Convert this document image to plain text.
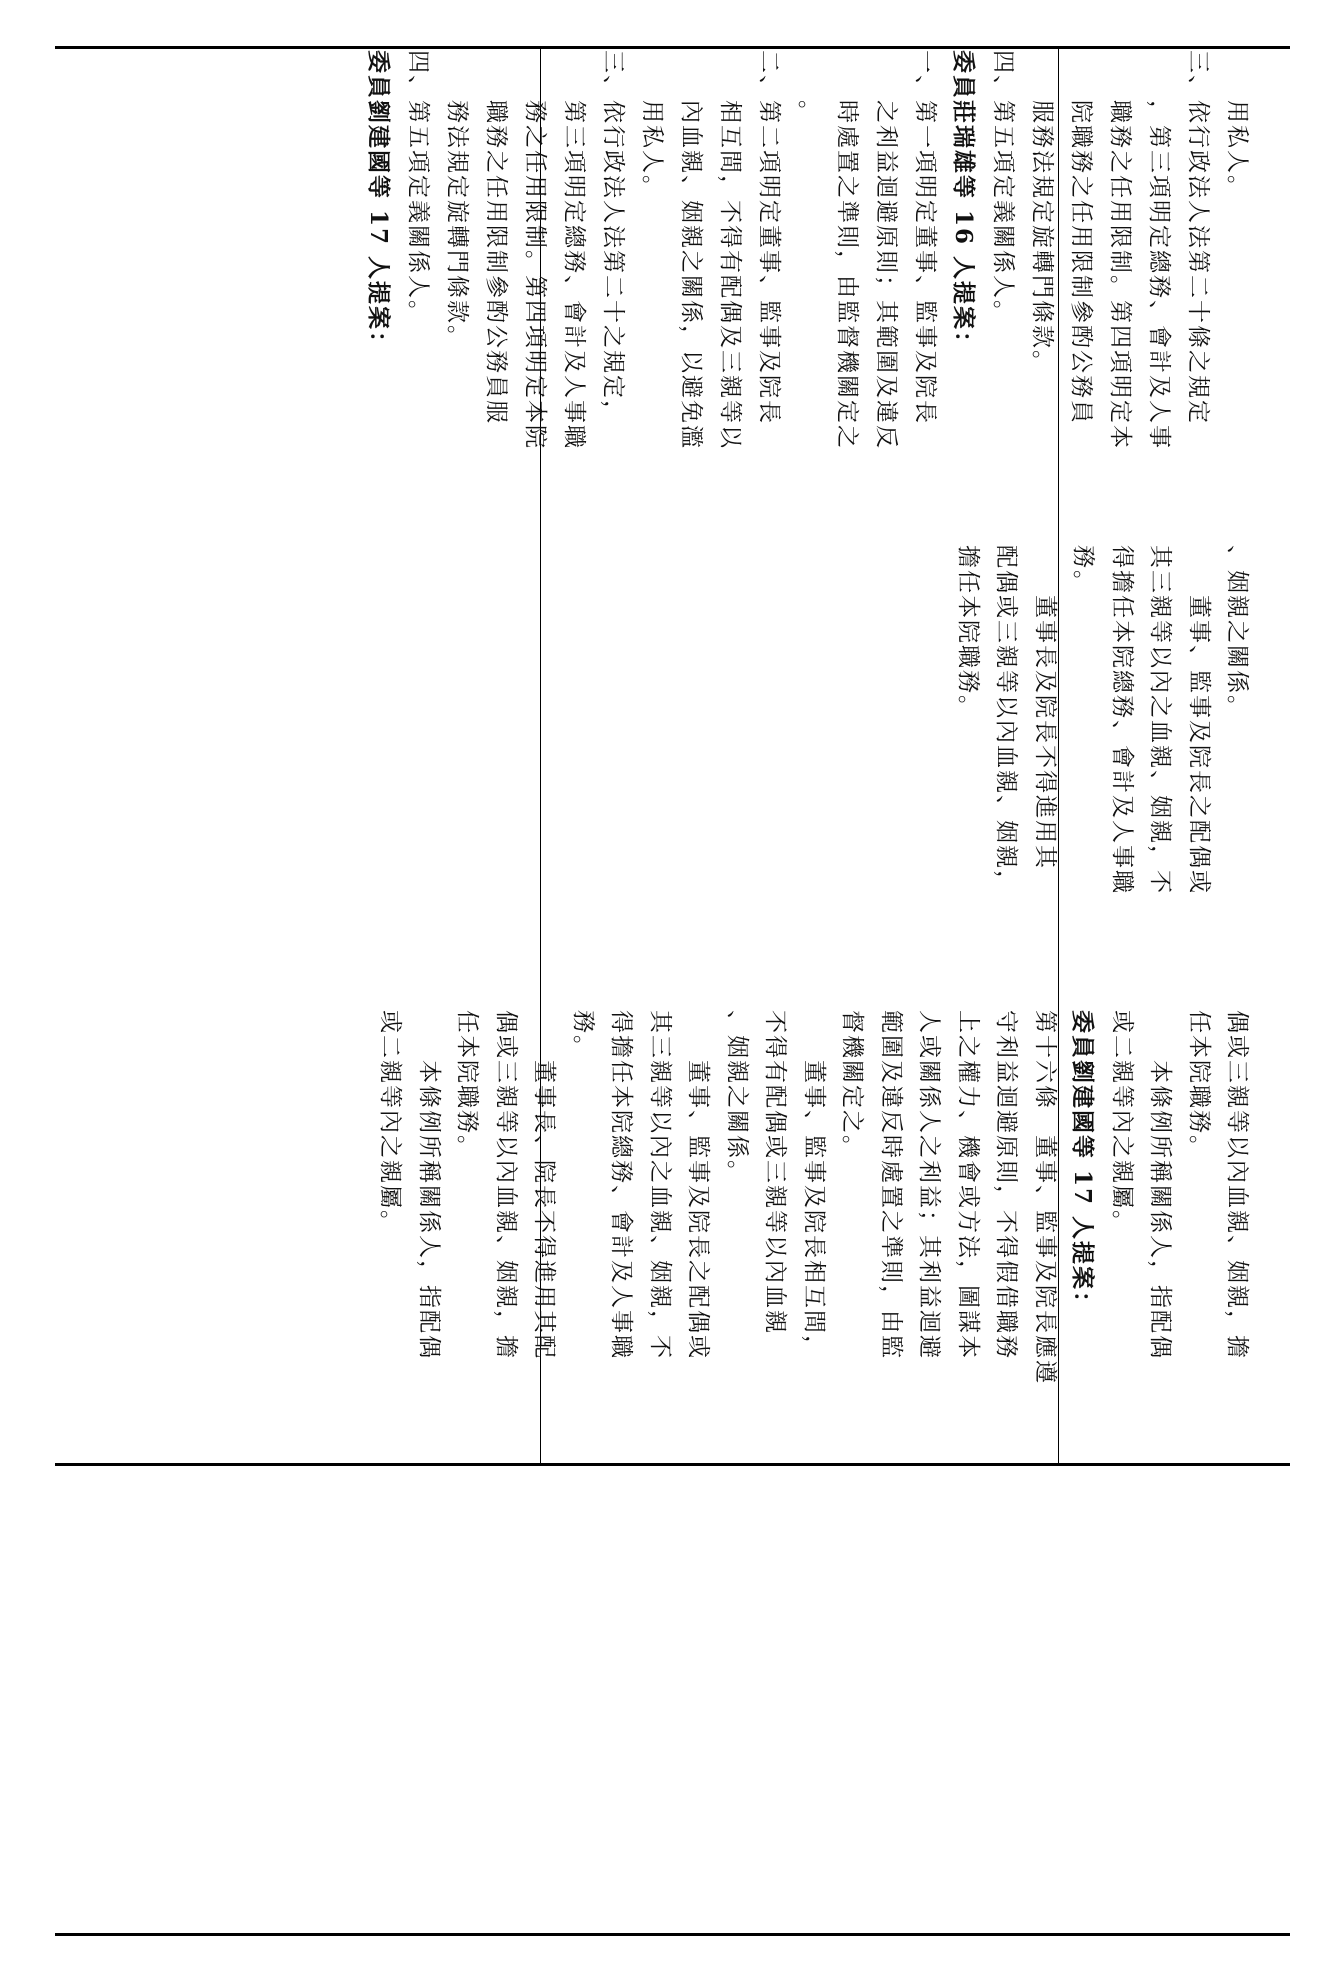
偶或三親等以內血親、姻親，擔
任本院職務。
本條例所稱關係人，指配偶
或二親等內之親屬。
委員劉建國等 17 人提案：
第十六條　董事、監事及院長應遵
守利益迴避原則，不得假借職務
上之權力、機會或方法，圖謀本
人或關係人之利益；其利益迴避
範圍及違反時處置之準則，由監
督機關定之。
董事、監事及院長相互間，
不得有配偶或三親等以內血親
、姻親之關係。
董事、監事及院長之配偶或
其三親等以內之血親、姻親，不
得擔任本院總務、會計及人事職
務。
董事長、院長不得進用其配
偶或三親等以內血親、姻親，擔
任本院職務。
本條例所稱關係人，指配偶
或二親等內之親屬。
、姻親之關係。
董事、監事及院長之配偶或
其三親等以內之血親、姻親，不
得擔任本院總務、會計及人事職
務。
董事長及院長不得進用其
配偶或三親等以內血親、姻親，
擔任本院職務。
用私人。
三、依行政法人法第二十條之規定
，第三項明定總務、會計及人事
職務之任用限制。第四項明定本
院職務之任用限制參酌公務員
服務法規定旋轉門條款。
四、第五項定義關係人。
委員莊瑞雄等 16 人提案：
一、第一項明定董事、監事及院長
之利益迴避原則；其範圍及違反
時處置之準則，由監督機關定之
。
二、第二項明定董事、監事及院長
相互間，不得有配偶及三親等以
內血親、姻親之關係，以避免濫
用私人。
三、依行政法人法第二十之規定，
第三項明定總務、會計及人事職
務之任用限制。第四項明定本院
職務之任用限制參酌公務員服
務法規定旋轉門條款。
四、第五項定義關係人。
委員劉建國等 17 人提案：
